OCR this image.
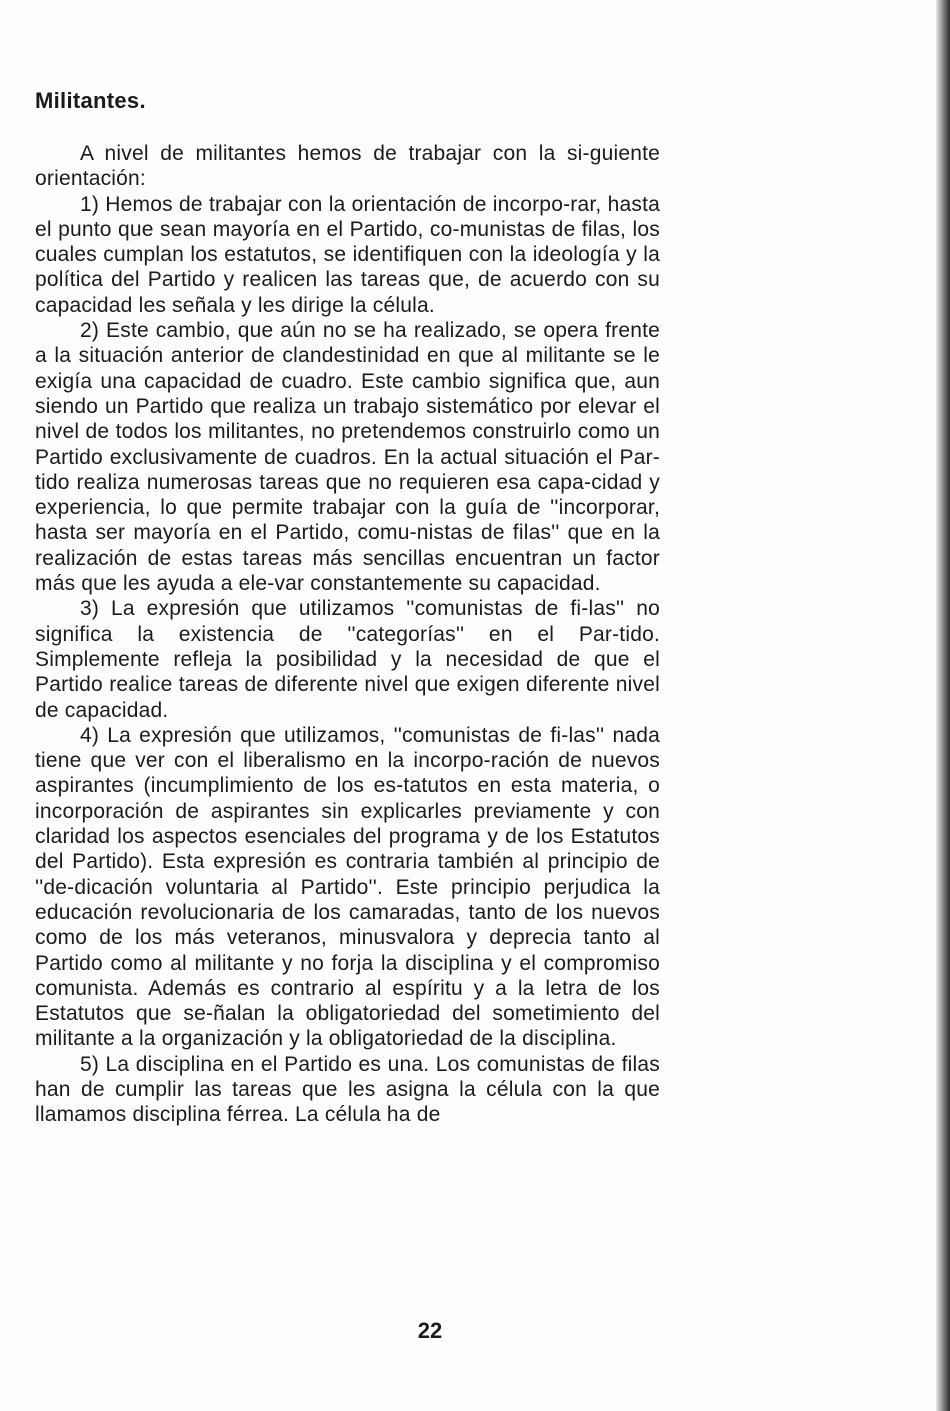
Militantes.

A nivel de militantes hemos de trabajar con la si-guiente orientación:

1) Hemos de trabajar con la orientación de incorpo-rar, hasta el punto que sean mayoría en el Partido, co-munistas de filas, los cuales cumplan los estatutos, se identifiquen con la ideología y la política del Partido y realicen las tareas que, de acuerdo con su capacidad les señala y les dirige la célula.

2) Este cambio, que aún no se ha realizado, se opera frente a la situación anterior de clandestinidad en que al militante se le exigía una capacidad de cuadro. Este cambio significa que, aun siendo un Partido que realiza un trabajo sistemático por elevar el nivel de todos los militantes, no pretendemos construirlo como un Partido exclusivamente de cuadros. En la actual situación el Par-tido realiza numerosas tareas que no requieren esa capa-cidad y experiencia, lo que permite trabajar con la guía de ''incorporar, hasta ser mayoría en el Partido, comu-nistas de filas'' que en la realización de estas tareas más sencillas encuentran un factor más que les ayuda a ele-var constantemente su capacidad.

3) La expresión que utilizamos ''comunistas de fi-las'' no significa la existencia de ''categorías'' en el Par-tido. Simplemente refleja la posibilidad y la necesidad de que el Partido realice tareas de diferente nivel que exigen diferente nivel de capacidad.

4) La expresión que utilizamos, ''comunistas de fi-las'' nada tiene que ver con el liberalismo en la incorpo-ración de nuevos aspirantes (incumplimiento de los es-tatutos en esta materia, o incorporación de aspirantes sin explicarles previamente y con claridad los aspectos esenciales del programa y de los Estatutos del Partido). Esta expresión es contraria también al principio de ''de-dicación voluntaria al Partido''. Este principio perjudica la educación revolucionaria de los camaradas, tanto de los nuevos como de los más veteranos, minusvalora y deprecia tanto al Partido como al militante y no forja la disciplina y el compromiso comunista. Además es contrario al espíritu y a la letra de los Estatutos que se-ñalan la obligatoriedad del sometimiento del militante a la organización y la obligatoriedad de la disciplina.

5) La disciplina en el Partido es una. Los comunistas de filas han de cumplir las tareas que les asigna la célula con la que llamamos disciplina férrea. La célula ha de

22
